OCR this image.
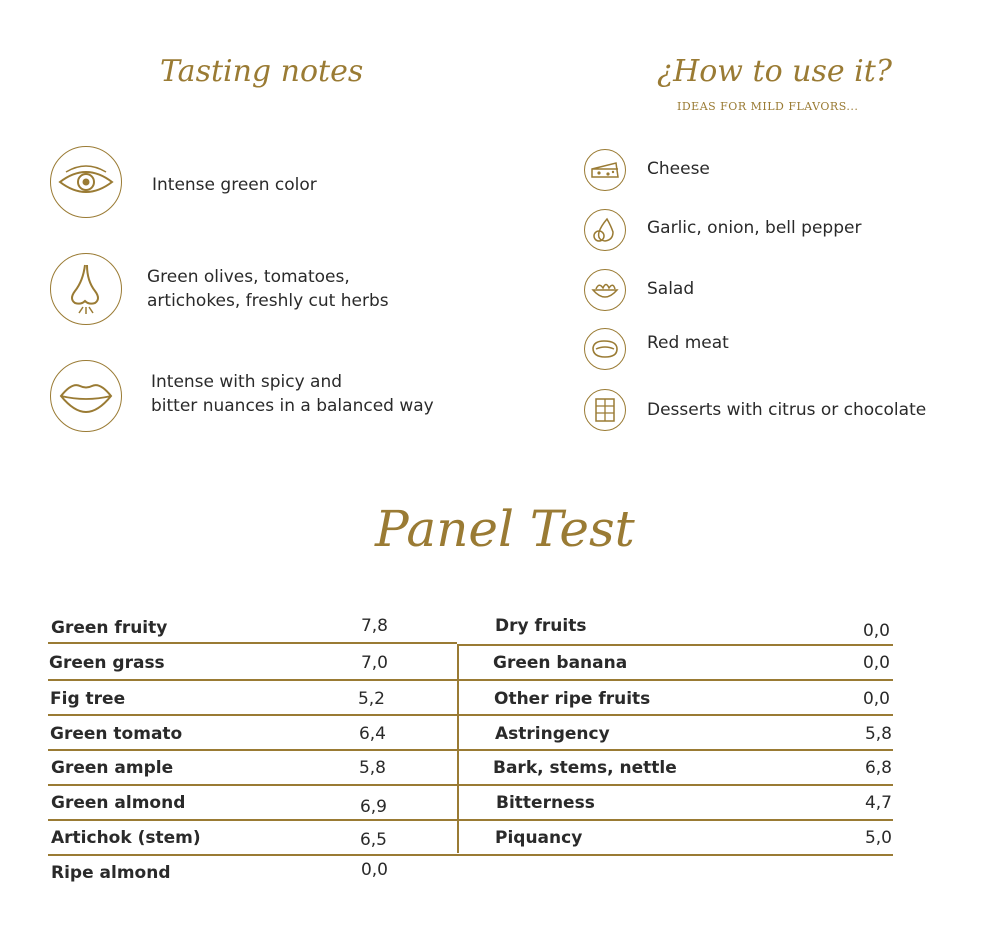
Tasting notes	¿How to use it?
IDEAS FOR MILD FLAVORS...
Intense green color
Green olives, tomatoes,
artichokes, freshly cut herbs
Intense with spicy and
bitter nuances in a balanced way
Cheese
Garlic, onion, bell pepper
Salad
Red meat
Desserts with citrus or chocolate
Panel Test
Green fruity	7,8
Green grass	7,0
Fig tree	5,2
Green tomato	6,4
Green ample	5,8
Green almond	6,9
Artichok (stem)	6,5
Ripe almond	0,0
Dry fruits	0,0
Green banana	0,0
Other ripe fruits	0,0
Astringency	5,8
Bark, stems, nettle	6,8
Bitterness	4,7
Piquancy	5,0
